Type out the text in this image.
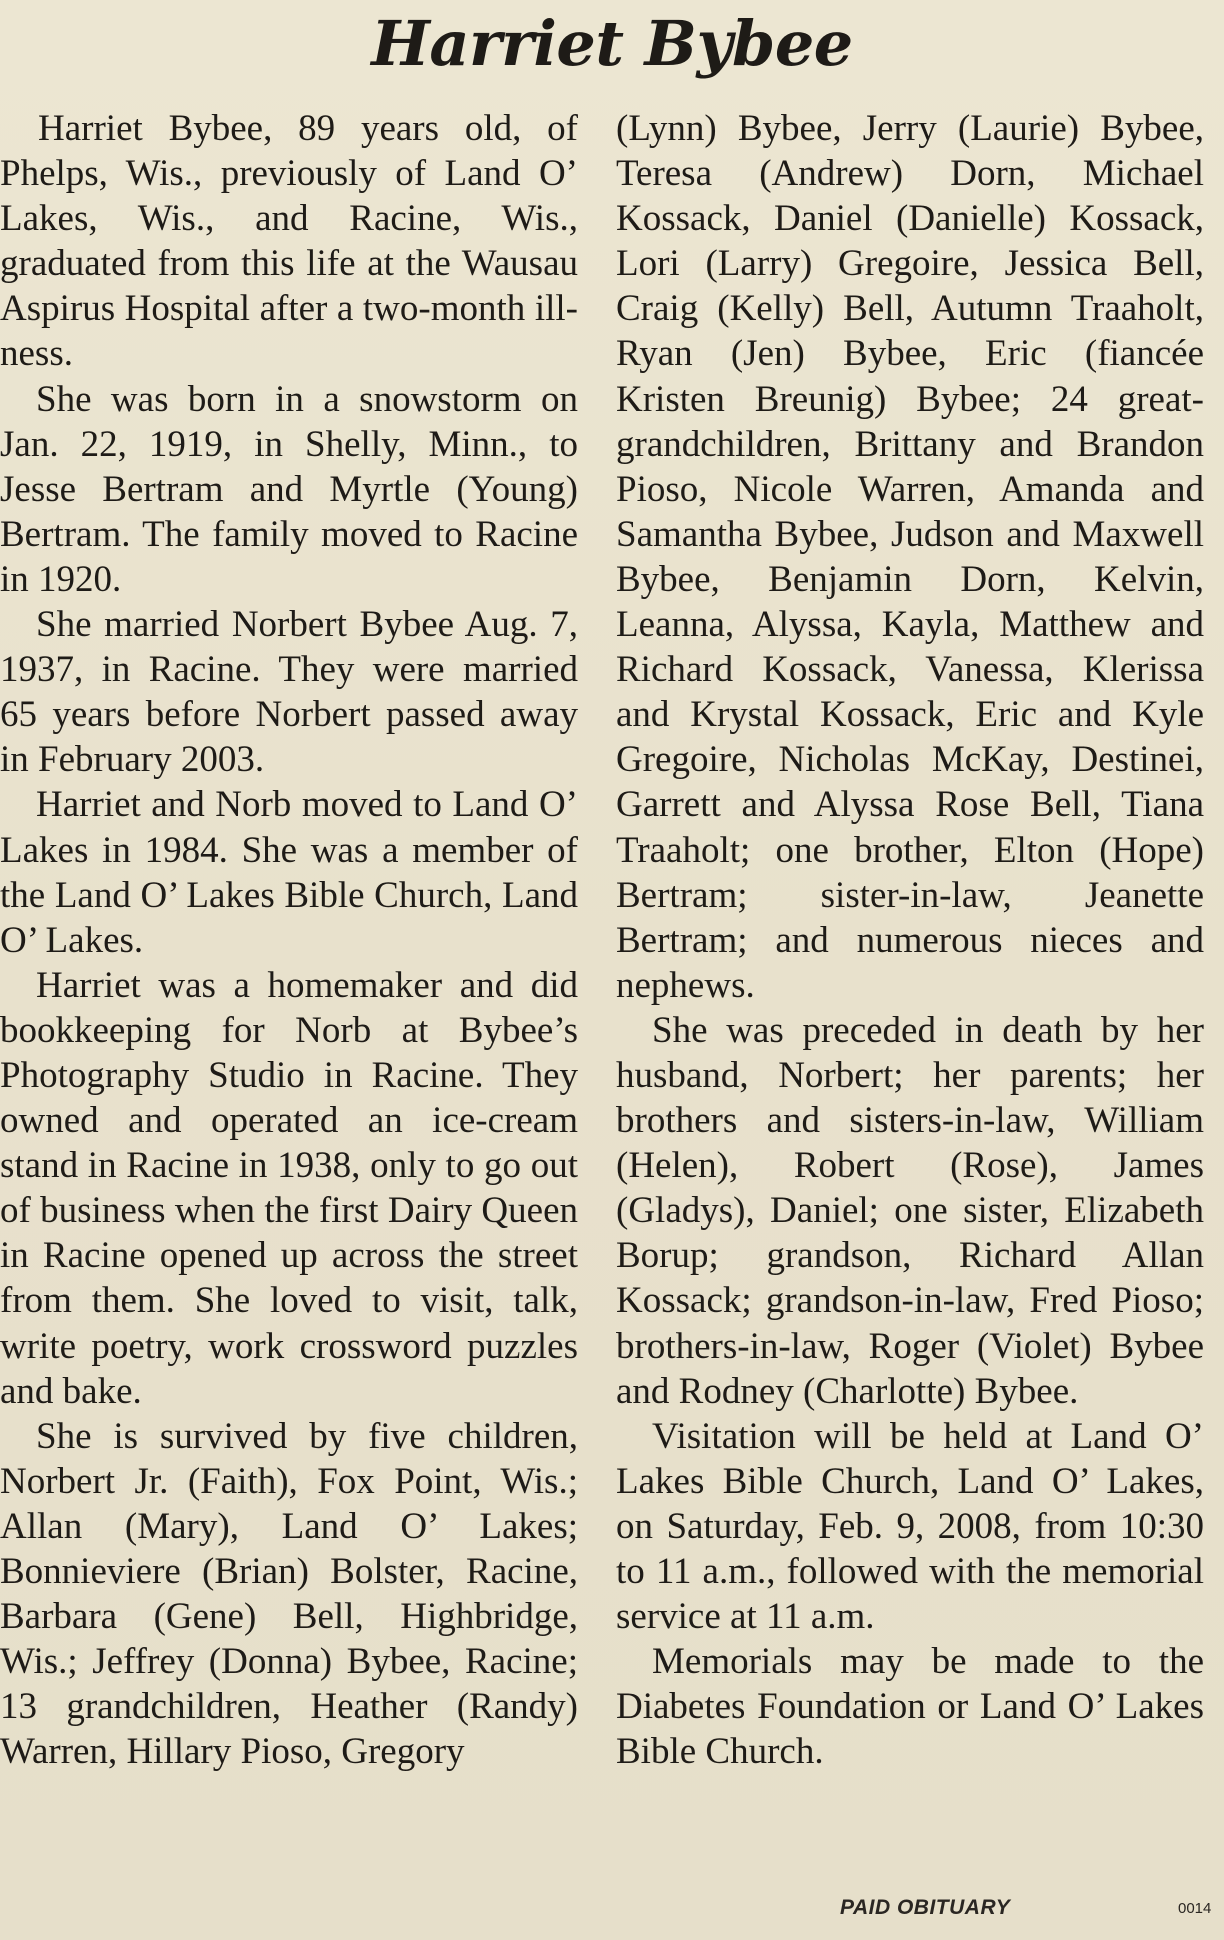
Harriet Bybee

Harriet Bybee, 89 years old, of Phelps, Wis., previously of Land O’ Lakes, Wis., and Racine, Wis., graduated from this life at the Wausau Aspirus Hospital after a two-month illness.

She was born in a snowstorm on Jan. 22, 1919, in Shelly, Minn., to Jesse Bertram and Myrtle (Young) Bertram. The family moved to Racine in 1920.

She married Norbert Bybee Aug. 7, 1937, in Racine. They were married 65 years before Norbert passed away in February 2003.

Harriet and Norb moved to Land O’ Lakes in 1984. She was a member of the Land O’ Lakes Bible Church, Land O’ Lakes.

Harriet was a homemaker and did bookkeeping for Norb at Bybee’s Photography Studio in Racine. They owned and operated an ice-cream stand in Racine in 1938, only to go out of business when the first Dairy Queen in Racine opened up across the street from them. She loved to visit, talk, write poetry, work crossword puzzles and bake.

She is survived by five children, Norbert Jr. (Faith), Fox Point, Wis.; Allan (Mary), Land O’ Lakes; Bonnieviere (Brian) Bolster, Racine, Barbara (Gene) Bell, Highbridge, Wis.; Jeffrey (Donna) Bybee, Racine; 13 grandchildren, Heather (Randy) Warren, Hillary Pioso, Gregory

(Lynn) Bybee, Jerry (Laurie) Bybee, Teresa (Andrew) Dorn, Michael Kossack, Daniel (Danielle) Kossack, Lori (Larry) Gregoire, Jessica Bell, Craig (Kelly) Bell, Autumn Traaholt, Ryan (Jen) Bybee, Eric (fiancée Kristen Breunig) Bybee; 24 great-grandchildren, Brittany and Brandon Pioso, Nicole Warren, Amanda and Samantha Bybee, Judson and Maxwell Bybee, Benjamin Dorn, Kelvin, Leanna, Alyssa, Kayla, Matthew and Richard Kossack, Vanessa, Klerissa and Krystal Kossack, Eric and Kyle Gregoire, Nicholas McKay, Destinei, Garrett and Alyssa Rose Bell, Tiana Traaholt; one brother, Elton (Hope) Bertram; sister-in-law, Jeanette Bertram; and numerous nieces and nephews.

She was preceded in death by her husband, Norbert; her parents; her brothers and sisters-in-law, William (Helen), Robert (Rose), James (Gladys), Daniel; one sister, Elizabeth Borup; grandson, Richard Allan Kossack; grandson-in-law, Fred Pioso; brothers-in-law, Roger (Violet) Bybee and Rodney (Charlotte) Bybee.

Visitation will be held at Land O’ Lakes Bible Church, Land O’ Lakes, on Saturday, Feb. 9, 2008, from 10:30 to 11 a.m., followed with the memorial service at 11 a.m.

Memorials may be made to the Diabetes Foundation or Land O’ Lakes Bible Church.

PAID OBITUARY	0014
